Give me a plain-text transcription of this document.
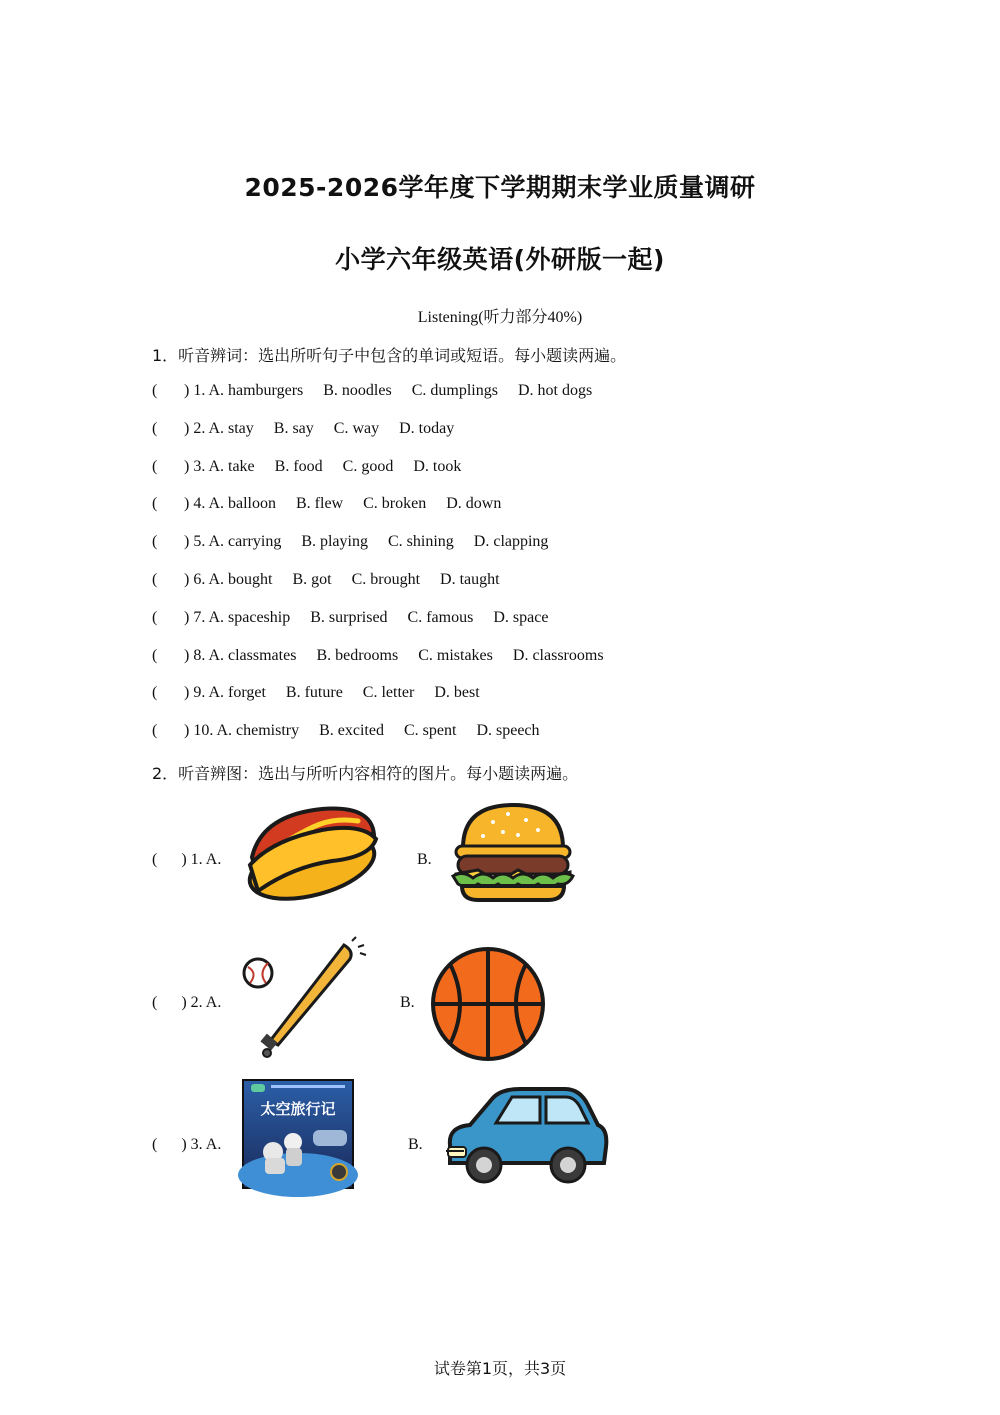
2025-2026学年度下学期期末学业质量调研
小学六年级英语(外研版一起)
Listening(听力部分40%)
1．听音辨词：选出所听句子中包含的单词或短语。每小题读两遍。
( ) 1. A. hamburgers B. noodles C. dumplings D. hot dogs
( ) 2. A. stay B. say C. way D. today
( ) 3. A. take B. food C. good D. took
( ) 4. A. balloon B. flew C. broken D. down
( ) 5. A. carrying B. playing C. shining D. clapping
( ) 6. A. bought B. got C. brought D. taught
( ) 7. A. spaceship B. surprised C. famous D. space
( ) 8. A. classmates B. bedrooms C. mistakes D. classrooms
( ) 9. A. forget B. future C. letter D. best
( ) 10. A. chemistry B. excited C. spent D. speech
2．听音辨图：选出与所听内容相符的图片。每小题读两遍。
(      ) 1. A.	B.
(      ) 2. A.	B.
(      ) 3. A.	B.
太空旅行记
试卷第1页，共3页
